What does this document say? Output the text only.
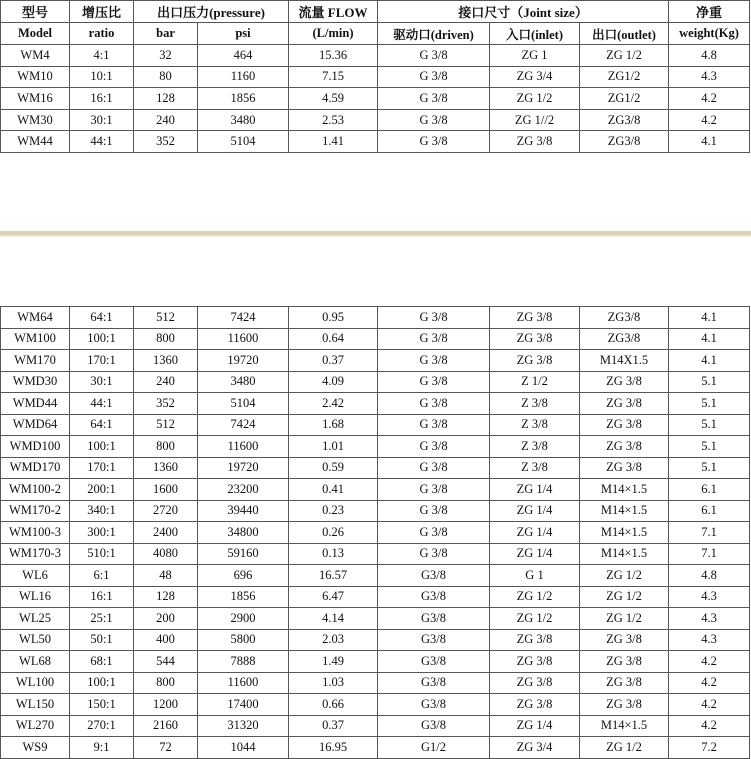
型号	增压比	出口压力(pressure)		流量 FLOW	接口尺寸（Joint size）			净重
Model	ratio	bar	psi	(L/min)	驱动口(driven)	入口(inlet)	出口(outlet)	weight(Kg)
WM4	4:1	32	464	15.36	G 3/8	ZG 1	ZG 1/2	4.8
WM10	10:1	80	1160	7.15	G 3/8	ZG 3/4	ZG1/2	4.3
WM16	16:1	128	1856	4.59	G 3/8	ZG 1/2	ZG1/2	4.2
WM30	30:1	240	3480	2.53	G 3/8	ZG 1//2	ZG3/8	4.2
WM44	44:1	352	5104	1.41	G 3/8	ZG 3/8	ZG3/8	4.1
WM64	64:1	512	7424	0.95	G 3/8	ZG 3/8	ZG3/8	4.1
WM100	100:1	800	11600	0.64	G 3/8	ZG 3/8	ZG3/8	4.1
WM170	170:1	1360	19720	0.37	G 3/8	ZG 3/8	M14X1.5	4.1
WMD30	30:1	240	3480	4.09	G 3/8	Z 1/2	ZG 3/8	5.1
WMD44	44:1	352	5104	2.42	G 3/8	Z 3/8	ZG 3/8	5.1
WMD64	64:1	512	7424	1.68	G 3/8	Z 3/8	ZG 3/8	5.1
WMD100	100:1	800	11600	1.01	G 3/8	Z 3/8	ZG 3/8	5.1
WMD170	170:1	1360	19720	0.59	G 3/8	Z 3/8	ZG 3/8	5.1
WM100-2	200:1	1600	23200	0.41	G 3/8	ZG 1/4	M14×1.5	6.1
WM170-2	340:1	2720	39440	0.23	G 3/8	ZG 1/4	M14×1.5	6.1
WM100-3	300:1	2400	34800	0.26	G 3/8	ZG 1/4	M14×1.5	7.1
WM170-3	510:1	4080	59160	0.13	G 3/8	ZG 1/4	M14×1.5	7.1
WL6	6:1	48	696	16.57	G3/8	G 1	ZG 1/2	4.8
WL16	16:1	128	1856	6.47	G3/8	ZG 1/2	ZG 1/2	4.3
WL25	25:1	200	2900	4.14	G3/8	ZG 1/2	ZG 1/2	4.3
WL50	50:1	400	5800	2.03	G3/8	ZG 3/8	ZG 3/8	4.3
WL68	68:1	544	7888	1.49	G3/8	ZG 3/8	ZG 3/8	4.2
WL100	100:1	800	11600	1.03	G3/8	ZG 3/8	ZG 3/8	4.2
WL150	150:1	1200	17400	0.66	G3/8	ZG 3/8	ZG 3/8	4.2
WL270	270:1	2160	31320	0.37	G3/8	ZG 1/4	M14×1.5	4.2
WS9	9:1	72	1044	16.95	G1/2	ZG 3/4	ZG 1/2	7.2
